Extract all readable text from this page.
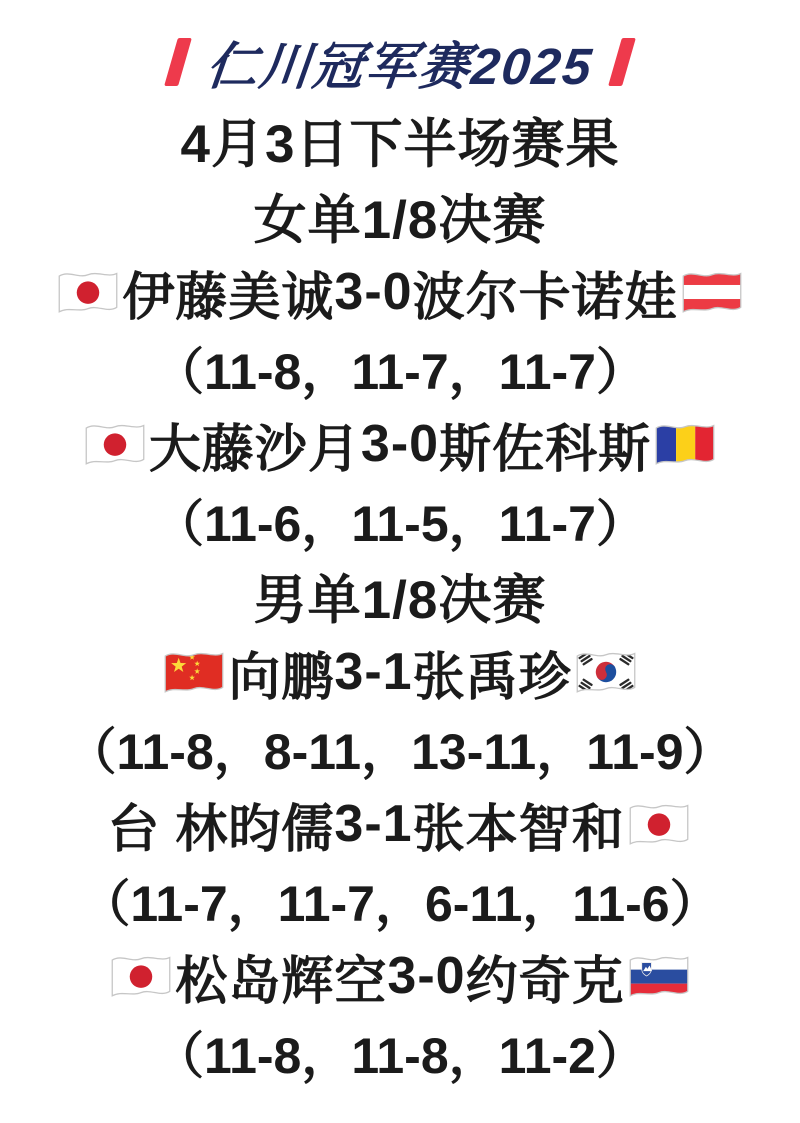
仁川冠军赛2025
4月3日下半场赛果
女单1/8决赛
伊藤美诚 3-0 波尔卡诺娃
（11-8，11-7，11-7）
大藤沙月 3-0 斯佐科斯
（11-6，11-5，11-7）
男单1/8决赛
向鹏 3-1 张禹珍
（11-8，8-11，13-11，11-9）
台 林昀儒 3-1 张本智和
（11-7，11-7，6-11，11-6）
松岛辉空 3-0 约奇克
（11-8，11-8，11-2）
